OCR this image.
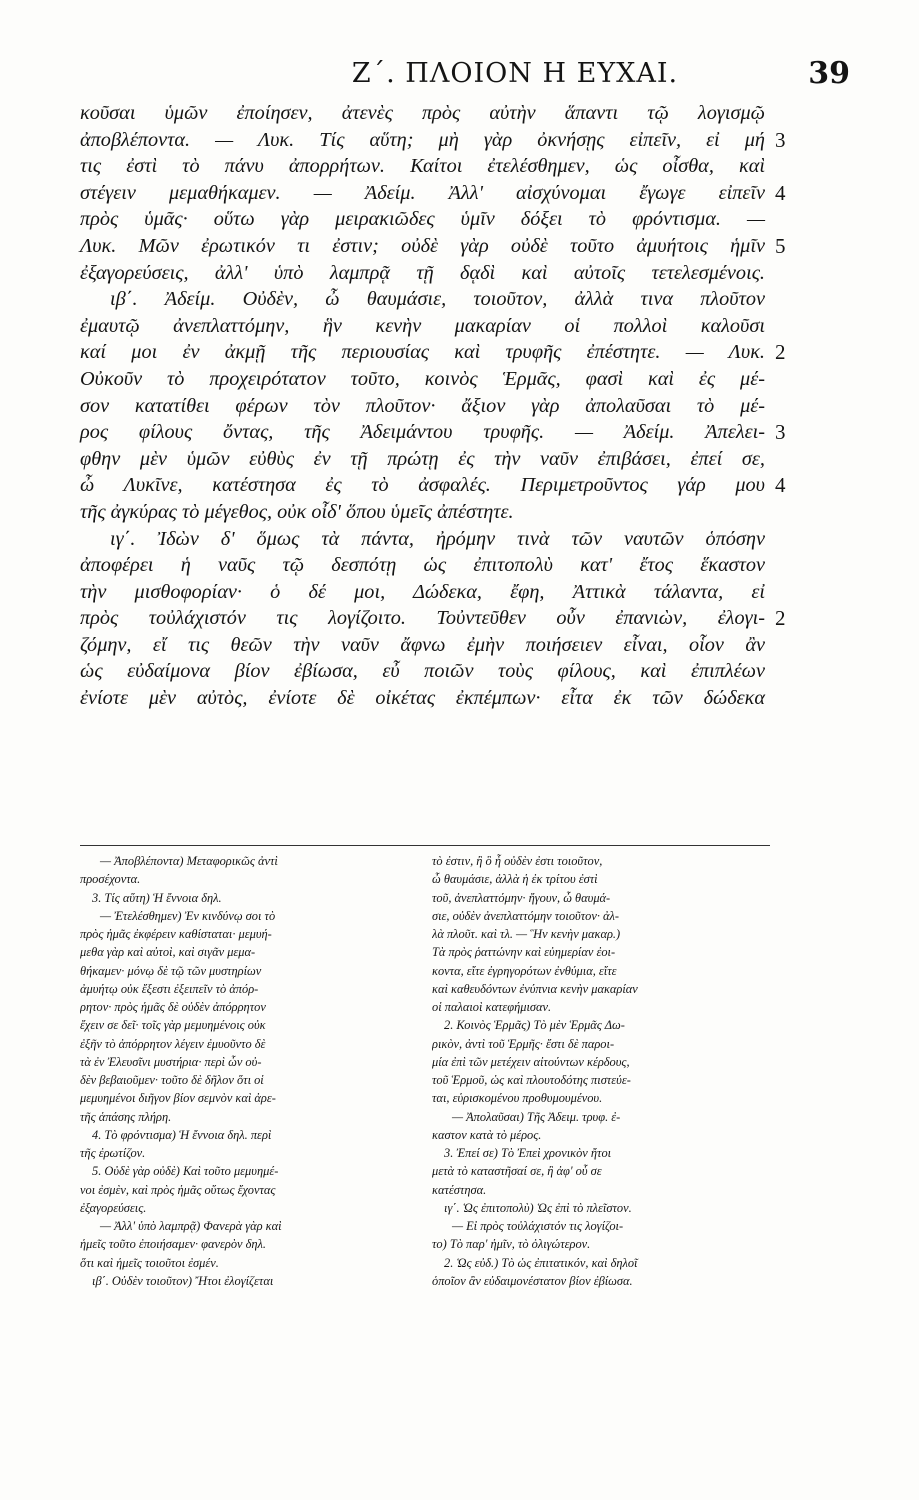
Ζ΄. ΠΛΟΙΟΝ Η ΕΥΧΑΙ.	39
κοῦσαι ὑμῶν ἐποίησεν, ἀτενὲς πρὸς αὐτὴν ἅπαντι τῷ λογισμῷ
ἀποβλέποντα. — Λυκ. Τίς αὕτη; μὴ γὰρ ὀκνήσῃς εἰπεῖν, εἰ μή 3
τις ἐστὶ τὸ πάνυ ἀπορρήτων. Καίτοι ἐτελέσθημεν, ὡς οἶσθα, καὶ
στέγειν μεμαθήκαμεν. — Ἀδείμ. Ἀλλ' αἰσχύνομαι ἔγωγε εἰπεῖν 4
πρὸς ὑμᾶς· οὕτω γὰρ μειρακιῶδες ὑμῖν δόξει τὸ φρόντισμα. —
Λυκ. Μῶν ἐρωτικόν τι ἐστιν; οὐδὲ γὰρ οὐδὲ τοῦτο ἀμυήτοις ἡμῖν 5
ἐξαγορεύσεις, ἀλλ' ὑπὸ λαμπρᾷ τῇ δᾳδὶ καὶ αὐτοῖς τετελεσμένοις.
ιβ΄. Ἀδείμ. Οὐδὲν, ὦ θαυμάσιε, τοιοῦτον, ἀλλὰ τινα πλοῦτον
ἐμαυτῷ ἀνεπλαττόμην, ἣν κενὴν μακαρίαν οἱ πολλοὶ καλοῦσι
καί μοι ἐν ἀκμῇ τῆς περιουσίας καὶ τρυφῆς ἐπέστητε. — Λυκ. 2
Οὐκοῦν τὸ προχειρότατον τοῦτο, κοινὸς Ἑρμᾶς, φασὶ καὶ ἐς μέ-
σον κατατίθει φέρων τὸν πλοῦτον· ἄξιον γὰρ ἀπολαῦσαι τὸ μέ-
ρος φίλους ὄντας, τῆς Ἀδειμάντου τρυφῆς. — Ἀδείμ. Ἀπελει- 3
φθην μὲν ὑμῶν εὐθὺς ἐν τῇ πρώτῃ ἐς τὴν ναῦν ἐπιβάσει, ἐπεί σε,
ὦ Λυκῖνε, κατέστησα ἐς τὸ ἀσφαλές. Περιμετροῦντος γάρ μου 4
τῆς ἀγκύρας τὸ μέγεθος, οὐκ οἶδ' ὅπου ὑμεῖς ἀπέστητε.
ιγ΄. Ἰδὼν δ' ὅμως τὰ πάντα, ἠρόμην τινὰ τῶν ναυτῶν ὁπόσην
ἀποφέρει ἡ ναῦς τῷ δεσπότῃ ὡς ἐπιτοπολὺ κατ' ἔτος ἕκαστον
τὴν μισθοφορίαν· ὁ δέ μοι, Δώδεκα, ἔφη, Ἀττικὰ τάλαντα, εἰ
πρὸς τοὐλάχιστόν τις λογίζοιτο. Τοὐντεῦθεν οὖν ἐπανιὼν, ἐλογι- 2
ζόμην, εἴ τις θεῶν τὴν ναῦν ἄφνω ἐμὴν ποιήσειεν εἶναι, οἷον ἂν
ὡς εὐδαίμονα βίον ἐβίωσα, εὖ ποιῶν τοὺς φίλους, καὶ ἐπιπλέων
ἐνίοτε μὲν αὐτὸς, ἐνίοτε δὲ οἰκέτας ἐκπέμπων· εἶτα ἐκ τῶν δώδεκα
— Ἀποβλέποντα) Μεταφορικῶς ἀντὶ
προσέχοντα.
3. Τίς αὕτη) Ἡ ἔννοια δηλ.
— Ἐτελέσθημεν) Ἐν κινδύνῳ σοι τὸ
πρὸς ἡμᾶς ἐκφέρειν καθίσταται· μεμυή-
μεθα γὰρ καὶ αὐτοὶ, καὶ σιγᾶν μεμα-
θήκαμεν· μόνῳ δὲ τῷ τῶν μυστηρίων
ἀμυήτῳ οὐκ ἔξεστι ἐξειπεῖν τὸ ἀπόρ-
ρητον· πρὸς ἡμᾶς δὲ οὐδὲν ἀπόρρητον
ἔχειν σε δεῖ· τοῖς γὰρ μεμυημένοις οὐκ
ἐξῆν τὸ ἀπόρρητον λέγειν ἐμυοῦντο δὲ
τὰ ἐν Ἐλευσῖνι μυστήρια· περὶ ὧν οὐ-
δὲν βεβαιοῦμεν· τοῦτο δὲ δῆλον ὅτι οἱ
μεμυημένοι διῆγον βίον σεμνὸν καὶ ἀρε-
τῆς ἁπάσης πλήρη.
4. Τὸ φρόντισμα) Ἡ ἔννοια δηλ. περὶ
τῆς ἐρωτίζον.
5. Οὐδὲ γὰρ οὐδὲ) Καὶ τοῦτο μεμυημέ-
νοι ἐσμὲν, καὶ πρὸς ἡμᾶς οὕτως ἔχοντας
ἐξαγορεύσεις.
— Ἀλλ' ὑπὸ λαμπρᾷ) Φανερὰ γὰρ καὶ
ἡμεῖς τοῦτο ἐποιήσαμεν· φανερὸν δηλ.
ὅτι καὶ ἡμεῖς τοιοῦτοι ἐσμέν.
ιβ΄. Οὐδὲν τοιοῦτον) Ἤτοι ἐλογίζεται
τὸ ἐστιν, ἢ ὃ ἦ οὐδὲν ἐστι τοιοῦτον,
ὦ θαυμάσιε, ἀλλὰ ἡ ἐκ τρίτου ἐστὶ
τοῦ, ἀνεπλαττόμην· ἤγουν, ὦ θαυμά-
σιε, οὐδὲν ἀνεπλαττόμην τοιοῦτον· ἀλ-
λὰ πλοῦτ. καὶ τλ. — Ἣν κενὴν μακαρ.)
Τὰ πρὸς ῥαττώνην καὶ εὐημερίαν ἐοι-
κοντα, εἴτε ἐγρηγορότων ἐνθύμια, εἴτε
καὶ καθευδόντων ἐνύπνια κενὴν μακαρίαν
οἱ παλαιοὶ κατεφήμισαν.
2. Κοινὸς Ἑρμᾶς) Τὸ μὲν Ἑρμᾶς Δω-
ρικὸν, ἀντὶ τοῦ Ἑρμῆς· ἔστι δὲ παροι-
μία ἐπὶ τῶν μετέχειν αἰτούντων κέρδους,
τοῦ Ἑρμοῦ, ὡς καὶ πλουτοδότης πιστεύε-
ται, εὑρισκομένου προθυμουμένου.
— Ἀπολαῦσαι) Τῆς Ἀδειμ. τρυφ. ἐ-
καστον κατὰ τὸ μέρος.
3. Ἐπεί σε) Τὸ Ἐπεὶ χρονικὸν ἤτοι
μετὰ τὸ καταστῆσαί σε, ἢ ἀφ' οὗ σε
κατέστησα.
ιγ΄. Ὡς ἐπιτοπολὺ) Ὡς ἐπὶ τὸ πλεῖστον.
— Εἰ πρὸς τοὐλάχιστόν τις λογίζοι-
το) Τὸ παρ' ἡμῖν, τὸ ὀλιγώτερον.
2. Ὡς εὐδ.) Τὸ ὡς ἐπιτατικόν, καὶ δηλοῖ
ὁποῖον ἂν εὐδαιμονέστατον βίον ἐβίωσα.
